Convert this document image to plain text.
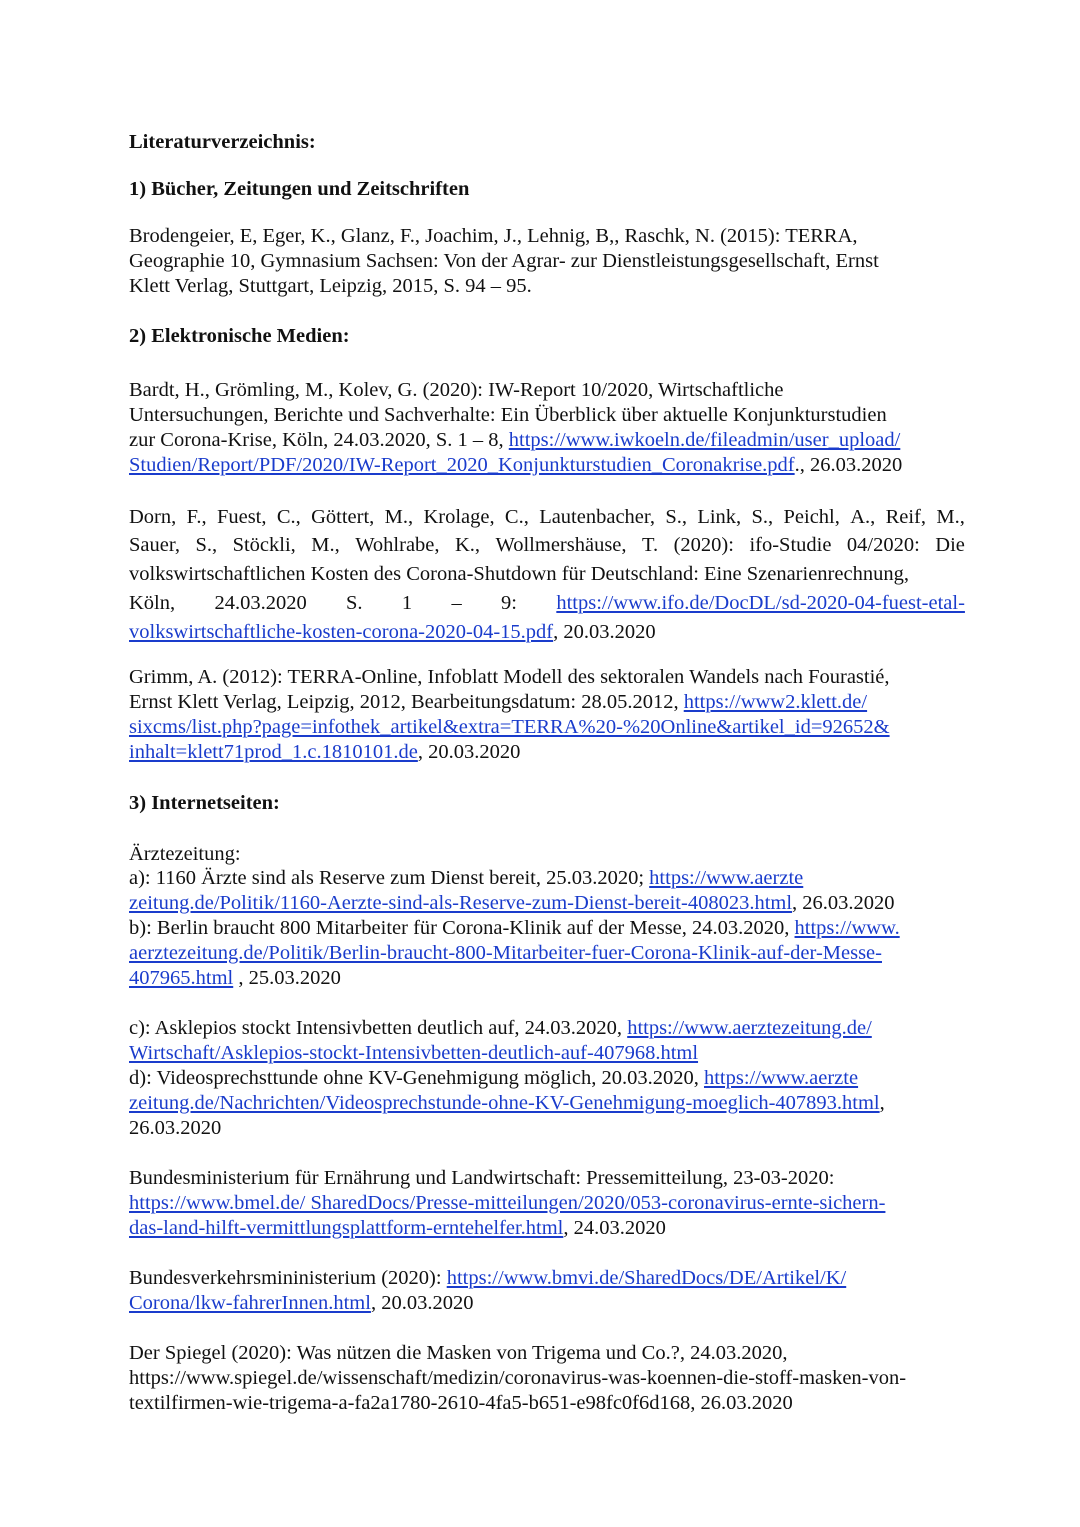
Literaturverzeichnis:
1) Bücher, Zeitungen und Zeitschriften
Brodengeier, E, Eger, K., Glanz, F., Joachim, J., Lehnig, B,, Raschk, N. (2015): TERRA,
Geographie 10, Gymnasium Sachsen: Von der Agrar- zur Dienstleistungsgesellschaft, Ernst
Klett Verlag, Stuttgart, Leipzig, 2015, S. 94 – 95.
2) Elektronische Medien:
Bardt, H., Grömling, M., Kolev, G. (2020): IW-Report 10/2020, Wirtschaftliche
Untersuchungen, Berichte und Sachverhalte: Ein Überblick über aktuelle Konjunkturstudien
zur Corona-Krise, Köln, 24.03.2020, S. 1 – 8, https://www.iwkoeln.de/fileadmin/user_upload/
Studien/Report/PDF/2020/IW-Report_2020_Konjunkturstudien_Coronakrise.pdf., 26.03.2020
Dorn, F., Fuest, C., Göttert, M., Krolage, C., Lautenbacher, S., Link, S., Peichl, A., Reif, M.,
Sauer, S., Stöckli, M., Wohlrabe, K., Wollmershäuse, T. (2020): ifo-Studie 04/2020: Die
volkswirtschaftlichen Kosten des Corona-Shutdown für Deutschland: Eine Szenarienrechnung,
Köln, 24.03.2020 S. 1 – 9: https://www.ifo.de/DocDL/sd-2020-04-fuest-etal-
volkswirtschaftliche-kosten-corona-2020-04-15.pdf, 20.03.2020
Grimm, A. (2012): TERRA-Online, Infoblatt Modell des sektoralen Wandels nach Fourastié,
Ernst Klett Verlag, Leipzig, 2012, Bearbeitungsdatum: 28.05.2012, https://www2.klett.de/
sixcms/list.php?page=infothek_artikel&extra=TERRA%20-%20Online&artikel_id=92652&
inhalt=klett71prod_1.c.1810101.de, 20.03.2020
3) Internetseiten:
Ärztezeitung:
a): 1160 Ärzte sind als Reserve zum Dienst bereit, 25.03.2020; https://www.aerzte
zeitung.de/Politik/1160-Aerzte-sind-als-Reserve-zum-Dienst-bereit-408023.html, 26.03.2020
b): Berlin braucht 800 Mitarbeiter für Corona-Klinik auf der Messe, 24.03.2020, https://www.
aerztezeitung.de/Politik/Berlin-braucht-800-Mitarbeiter-fuer-Corona-Klinik-auf-der-Messe-
407965.html , 25.03.2020
c): Asklepios stockt Intensivbetten deutlich auf, 24.03.2020, https://www.aerztezeitung.de/
Wirtschaft/Asklepios-stockt-Intensivbetten-deutlich-auf-407968.html
d): Videosprechsttunde ohne KV-Genehmigung möglich, 20.03.2020, https://www.aerzte
zeitung.de/Nachrichten/Videosprechstunde-ohne-KV-Genehmigung-moeglich-407893.html,
26.03.2020
Bundesministerium für Ernährung und Landwirtschaft: Pressemitteilung, 23-03-2020:
https://www.bmel.de/ SharedDocs/Presse-mitteilungen/2020/053-coronavirus-ernte-sichern-
das-land-hilft-vermittlungsplattform-erntehelfer.html, 24.03.2020
Bundesverkehrsmininisterium (2020): https://www.bmvi.de/SharedDocs/DE/Artikel/K/
Corona/lkw-fahrerInnen.html, 20.03.2020
Der Spiegel (2020): Was nützen die Masken von Trigema und Co.?, 24.03.2020,
https://www.spiegel.de/wissenschaft/medizin/coronavirus-was-koennen-die-stoff-masken-von-
textilfirmen-wie-trigema-a-fa2a1780-2610-4fa5-b651-e98fc0f6d168, 26.03.2020
